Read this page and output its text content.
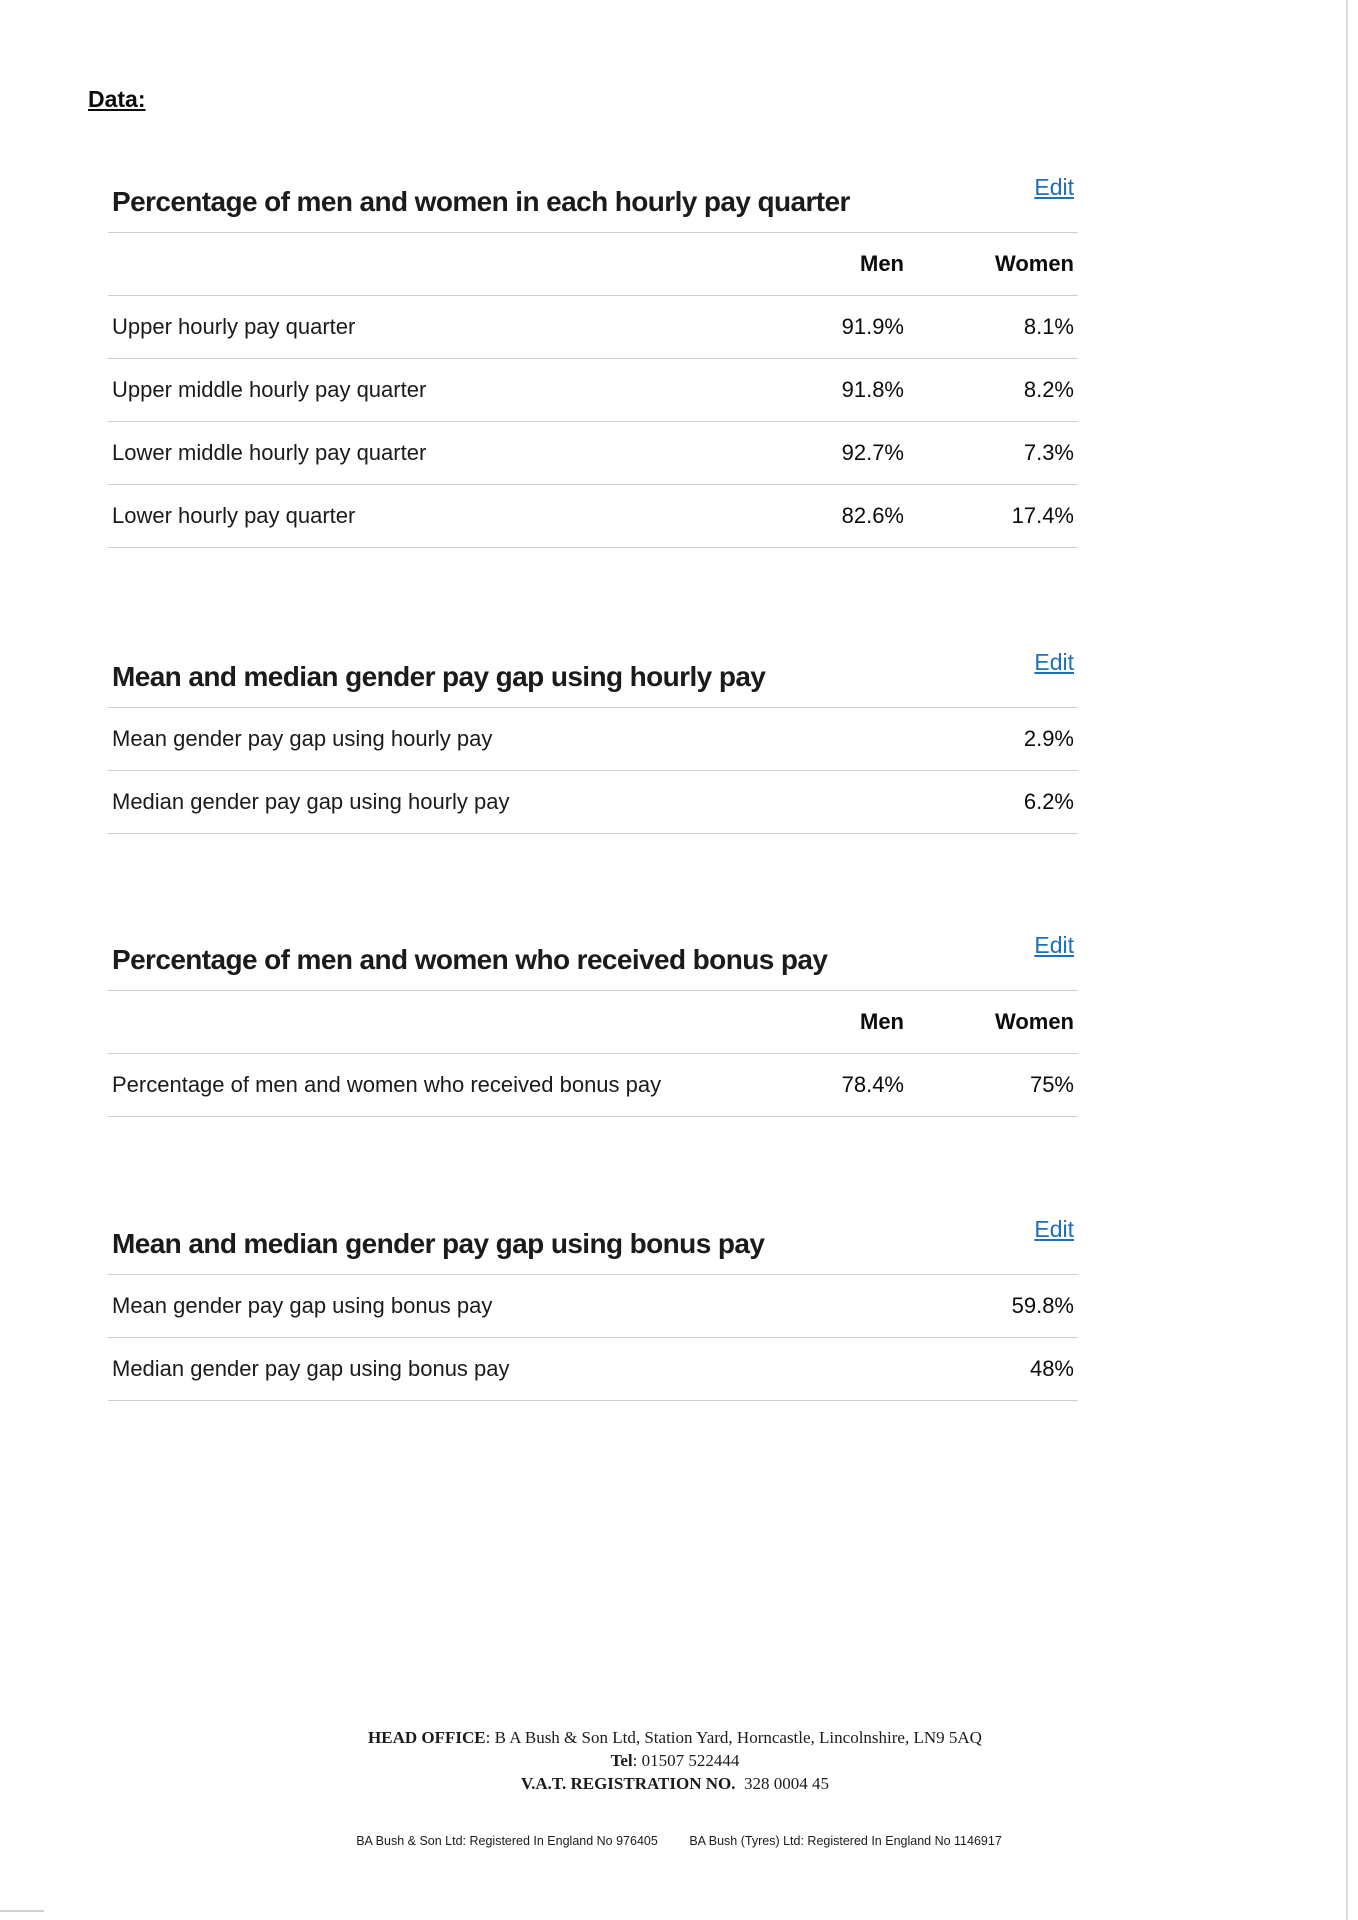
Data:
Percentage of men and women in each hourly pay quarter	Edit
Men	Women
Upper hourly pay quarter	91.9%	8.1%
Upper middle hourly pay quarter	91.8%	8.2%
Lower middle hourly pay quarter	92.7%	7.3%
Lower hourly pay quarter	82.6%	17.4%
Mean and median gender pay gap using hourly pay	Edit
Mean gender pay gap using hourly pay	2.9%
Median gender pay gap using hourly pay	6.2%
Percentage of men and women who received bonus pay	Edit
Men	Women
Percentage of men and women who received bonus pay	78.4%	75%
Mean and median gender pay gap using bonus pay	Edit
Mean gender pay gap using bonus pay	59.8%
Median gender pay gap using bonus pay	48%
HEAD OFFICE: B A Bush & Son Ltd, Station Yard, Horncastle, Lincolnshire, LN9 5AQ
Tel: 01507 522444
V.A.T. REGISTRATION NO. 328 0004 45
BA Bush & Son Ltd: Registered In England No 976405	BA Bush (Tyres) Ltd: Registered In England No 1146917
